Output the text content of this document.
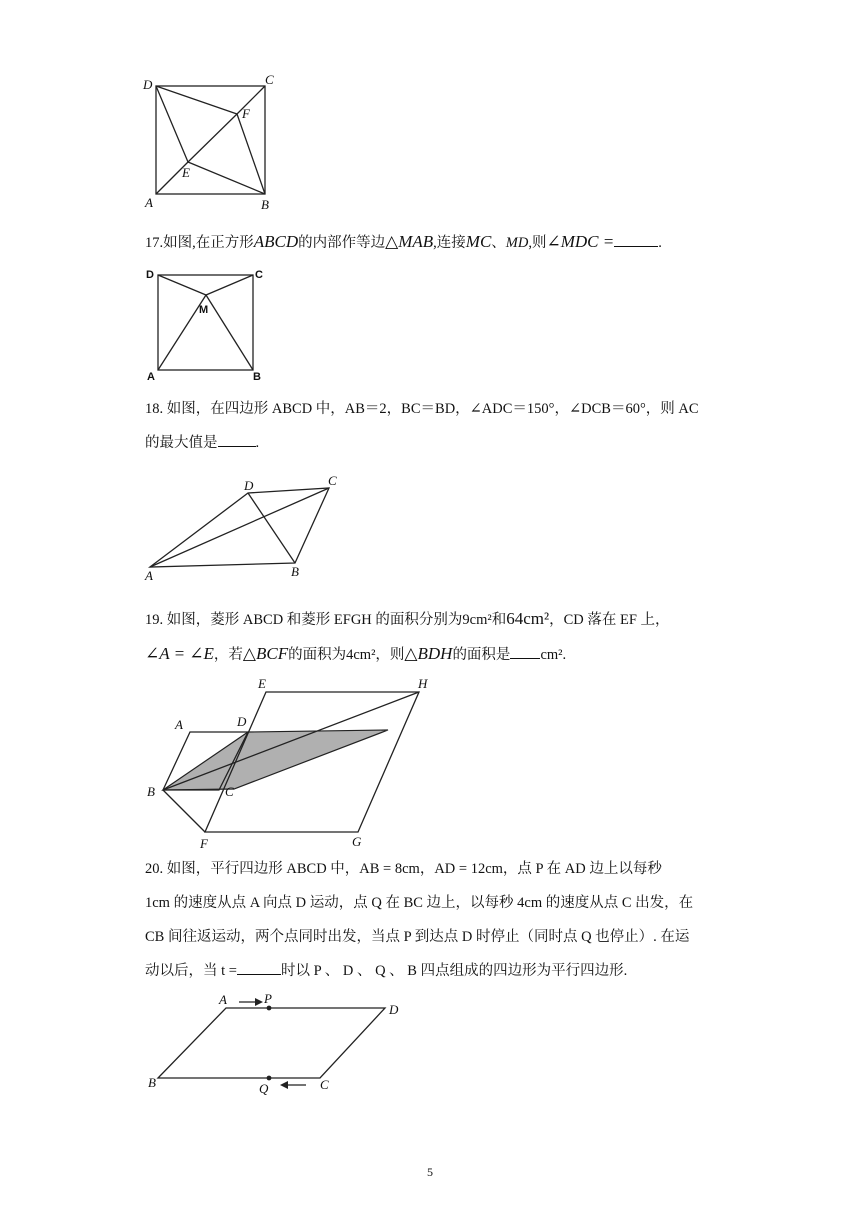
D	C
F
E
A	B
17.如图,在正方形ABCD的内部作等边△MAB,连接MC、MD,则∠MDC =	.
D	C
M
A	B
18. 如图，在四边形 ABCD 中，AB＝2，BC＝BD，∠ADC＝150°，∠DCB＝60°，则 AC
的最大值是	.
D	C
A	B
19. 如图，菱形 ABCD 和菱形 EFGH 的面积分别为9cm²和64cm²，CD 落在 EF 上，
∠A = ∠E，若△BCF的面积为4cm²，则△BDH的面积是 cm².
E	H
A	D
B	C
F	G
20. 如图，平行四边形 ABCD 中，AB = 8cm，AD = 12cm，点 P 在 AD 边上以每秒
1cm 的速度从点 A 向点 D 运动，点 Q 在 BC 边上，以每秒 4cm 的速度从点 C 出发，在
CB 间往返运动，两个点同时出发，当点 P 到达点 D 时停止（同时点 Q 也停止）. 在运
动以后，当 t =	时以 P 、 D 、 Q 、 B 四点组成的四边形为平行四边形.
A	P
D
B	Q	C
5
